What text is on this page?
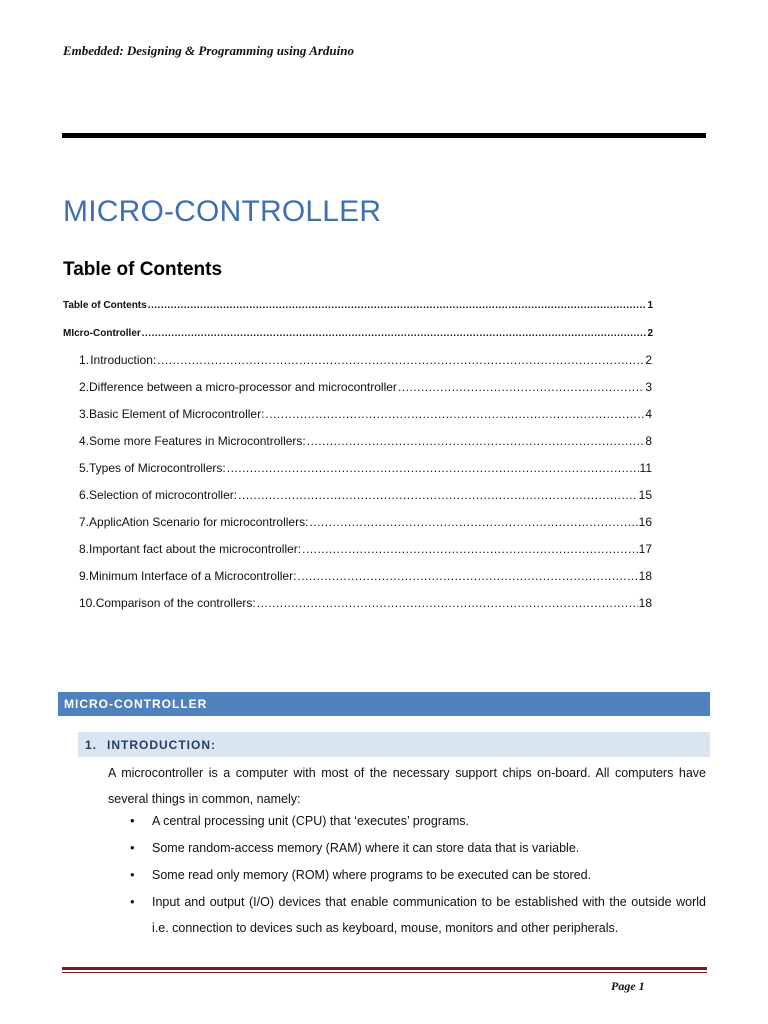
Embedded: Designing & Programming using Arduino
MICRO-CONTROLLER
Table of Contents
Table of Contents .....	1
MIcro-Controller .....	2
1. Introduction: .....	2
2. Difference between a micro-processor and microcontroller .....	3
3. Basic Element of Microcontroller: .....	4
4. Some more Features in Microcontrollers: .....	8
5. Types of Microcontrollers: .....	11
6. Selection of microcontroller: .....	15
7. ApplicAtion Scenario for microcontrollers: .....	16
8. Important fact about the microcontroller: .....	17
9. Minimum Interface of a Microcontroller: .....	18
10. Comparison of the controllers: .....	18
MICRO-CONTROLLER
1. INTRODUCTION:
A microcontroller is a computer with most of the necessary support chips on-board. All computers have several things in common, namely:
• A central processing unit (CPU) that ‘executes’ programs.
• Some random-access memory (RAM) where it can store data that is variable.
• Some read only memory (ROM) where programs to be executed can be stored.
• Input and output (I/O) devices that enable communication to be established with the outside world i.e. connection to devices such as keyboard, mouse, monitors and other peripherals.
Page 1
